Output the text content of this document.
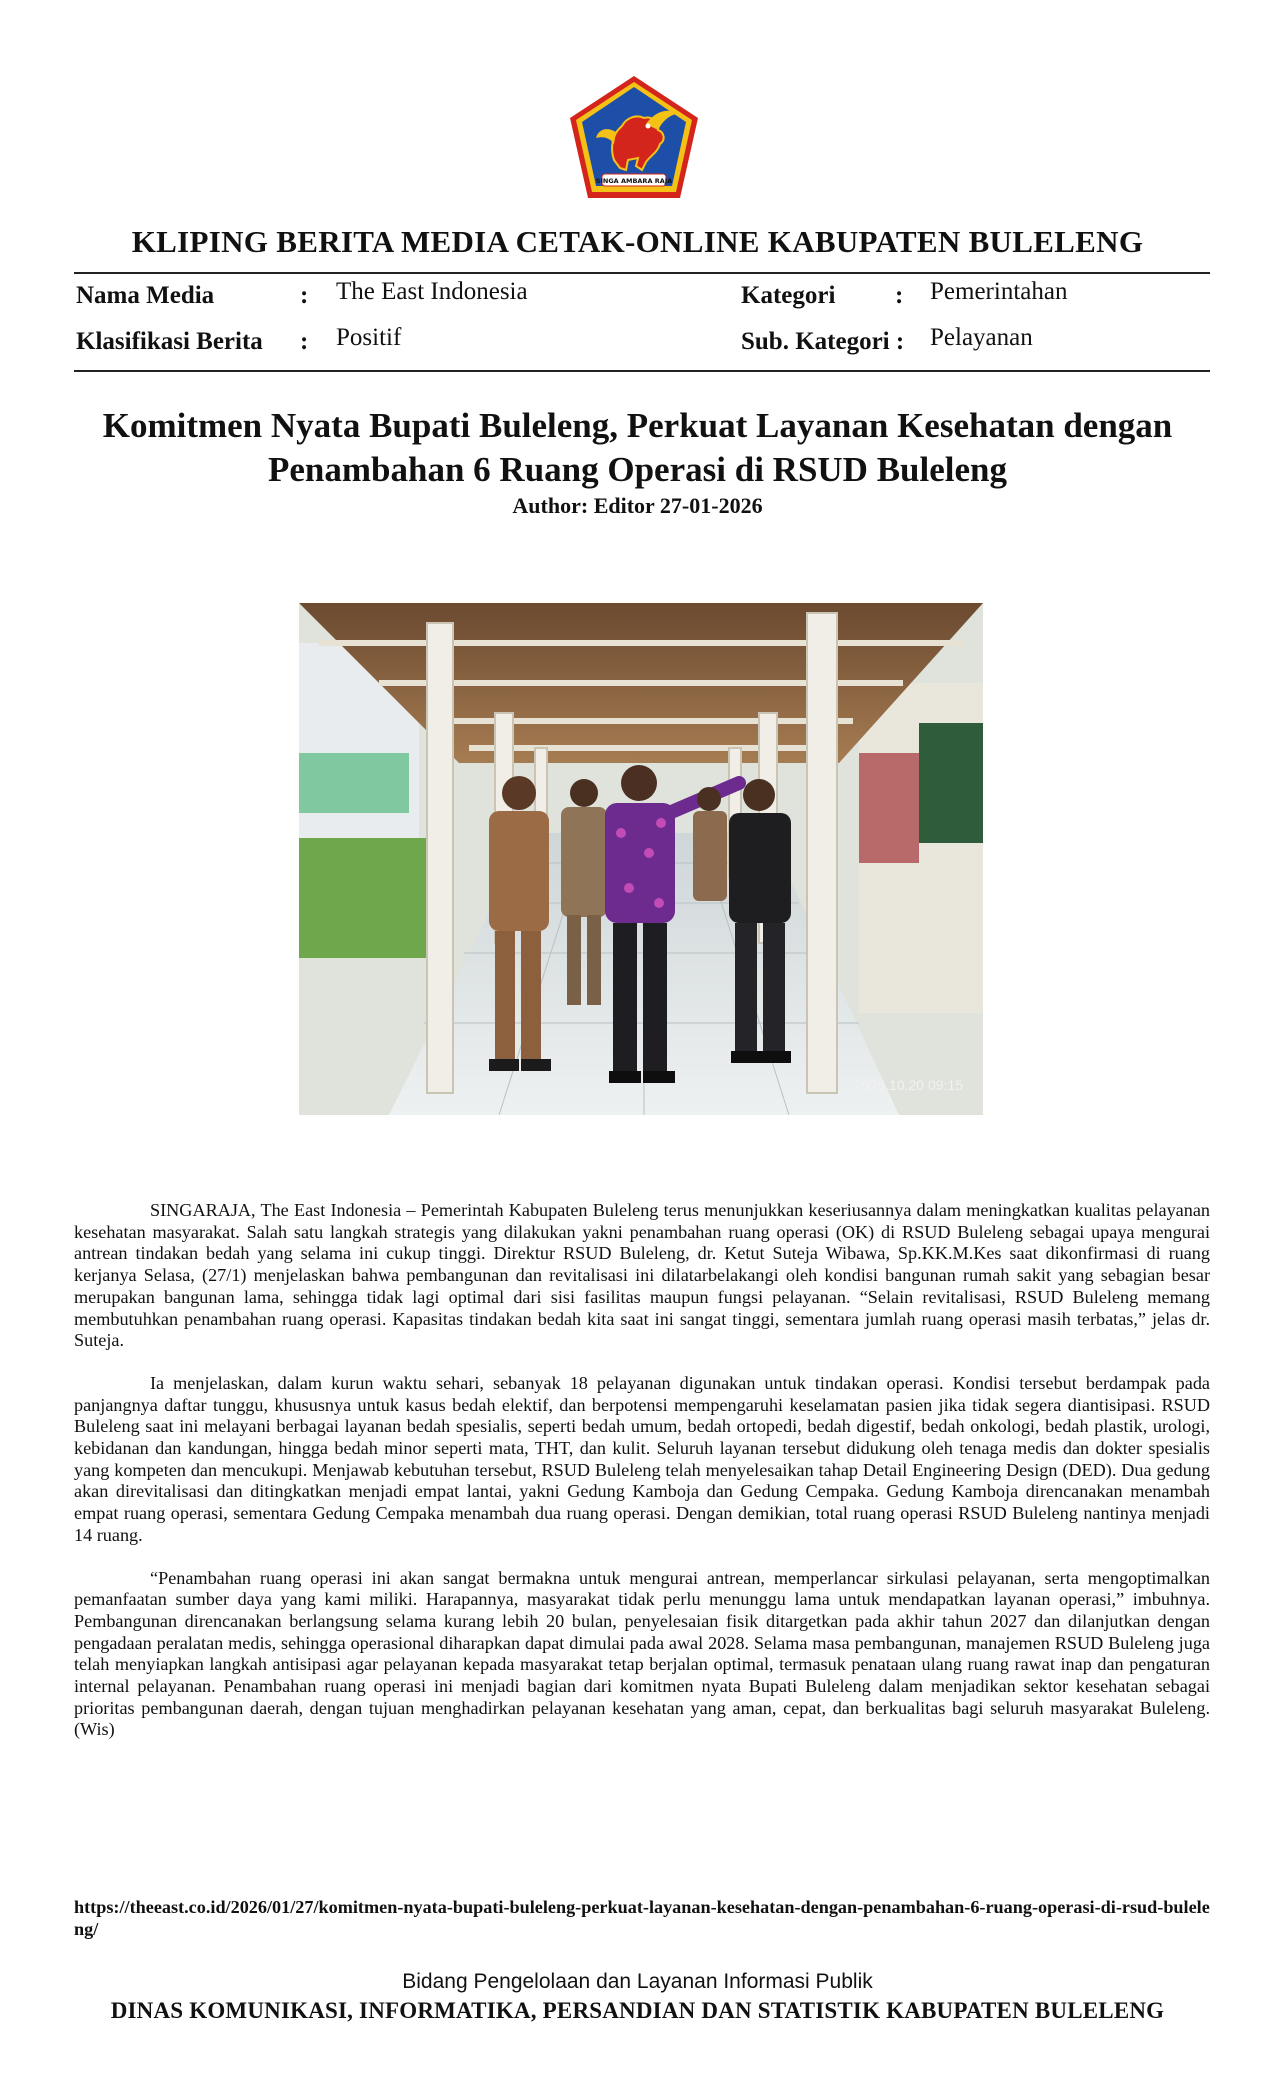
SINGA AMBARA RAJA
KLIPING BERITA MEDIA CETAK-ONLINE KABUPATEN BULELENG
Nama Media	: The East Indonesia	Kategori : Pemerintahan
Klasifikasi Berita : Positif	Sub. Kategori : Pelayanan
Komitmen Nyata Bupati Buleleng, Perkuat Layanan Kesehatan dengan
Penambahan 6 Ruang Operasi di RSUD Buleleng
Author: Editor 27-01-2026
2025.10.20 09:15

SINGARAJA, The East Indonesia – Pemerintah Kabupaten Buleleng terus menunjukkan keseriusannya dalam meningkatkan kualitas pelayanan kesehatan masyarakat. Salah satu langkah strategis yang dilakukan yakni penambahan ruang operasi (OK) di RSUD Buleleng sebagai upaya mengurai antrean tindakan bedah yang selama ini cukup tinggi. Direktur RSUD Buleleng, dr. Ketut Suteja Wibawa, Sp.KK.M.Kes saat dikonfirmasi di ruang kerjanya Selasa, (27/1) menjelaskan bahwa pembangunan dan revitalisasi ini dilatarbelakangi oleh kondisi bangunan rumah sakit yang sebagian besar merupakan bangunan lama, sehingga tidak lagi optimal dari sisi fasilitas maupun fungsi pelayanan. “Selain revitalisasi, RSUD Buleleng memang membutuhkan penambahan ruang operasi. Kapasitas tindakan bedah kita saat ini sangat tinggi, sementara jumlah ruang operasi masih terbatas,” jelas dr. Suteja.

Ia menjelaskan, dalam kurun waktu sehari, sebanyak 18 pelayanan digunakan untuk tindakan operasi. Kondisi tersebut berdampak pada panjangnya daftar tunggu, khususnya untuk kasus bedah elektif, dan berpotensi mempengaruhi keselamatan pasien jika tidak segera diantisipasi. RSUD Buleleng saat ini melayani berbagai layanan bedah spesialis, seperti bedah umum, bedah ortopedi, bedah digestif, bedah onkologi, bedah plastik, urologi, kebidanan dan kandungan, hingga bedah minor seperti mata, THT, dan kulit. Seluruh layanan tersebut didukung oleh tenaga medis dan dokter spesialis yang kompeten dan mencukupi. Menjawab kebutuhan tersebut, RSUD Buleleng telah menyelesaikan tahap Detail Engineering Design (DED). Dua gedung akan direvitalisasi dan ditingkatkan menjadi empat lantai, yakni Gedung Kamboja dan Gedung Cempaka. Gedung Kamboja direncanakan menambah empat ruang operasi, sementara Gedung Cempaka menambah dua ruang operasi. Dengan demikian, total ruang operasi RSUD Buleleng nantinya menjadi 14 ruang.

“Penambahan ruang operasi ini akan sangat bermakna untuk mengurai antrean, memperlancar sirkulasi pelayanan, serta mengoptimalkan pemanfaatan sumber daya yang kami miliki. Harapannya, masyarakat tidak perlu menunggu lama untuk mendapatkan layanan operasi,” imbuhnya. Pembangunan direncanakan berlangsung selama kurang lebih 20 bulan, penyelesaian fisik ditargetkan pada akhir tahun 2027 dan dilanjutkan dengan pengadaan peralatan medis, sehingga operasional diharapkan dapat dimulai pada awal 2028. Selama masa pembangunan, manajemen RSUD Buleleng juga telah menyiapkan langkah antisipasi agar pelayanan kepada masyarakat tetap berjalan optimal, termasuk penataan ulang ruang rawat inap dan pengaturan internal pelayanan. Penambahan ruang operasi ini menjadi bagian dari komitmen nyata Bupati Buleleng dalam menjadikan sektor kesehatan sebagai prioritas pembangunan daerah, dengan tujuan menghadirkan pelayanan kesehatan yang aman, cepat, dan berkualitas bagi seluruh masyarakat Buleleng.(Wis)

https://theeast.co.id/2026/01/27/komitmen-nyata-bupati-buleleng-perkuat-layanan-kesehatan-dengan-penambahan-6-ruang-operasi-di-rsud-buleleng/
Bidang Pengelolaan dan Layanan Informasi Publik
DINAS KOMUNIKASI, INFORMATIKA, PERSANDIAN DAN STATISTIK KABUPATEN BULELENG
